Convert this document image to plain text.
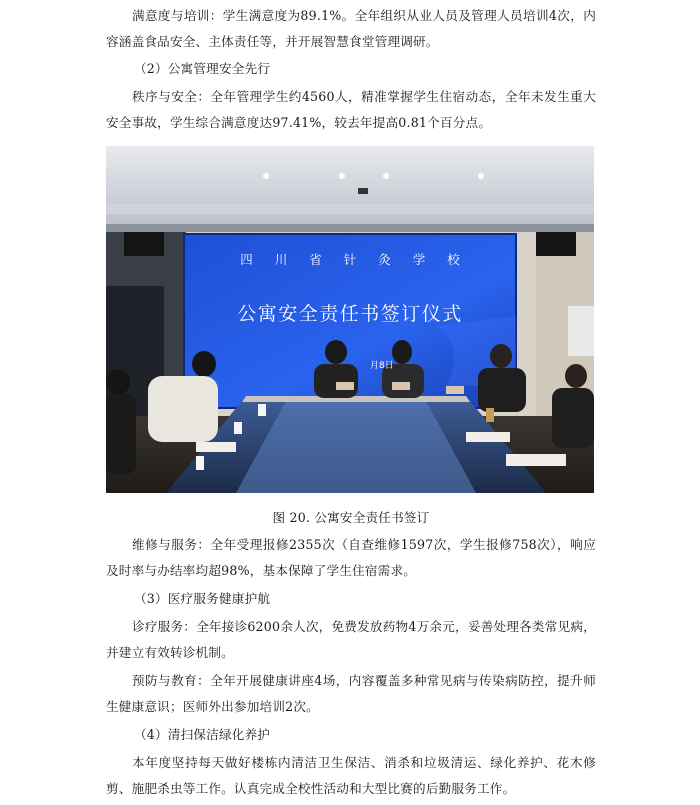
满意度与培训：学生满意度为89.1%。全年组织从业人员及管理人员培训4次，内容涵盖食品安全、主体责任等，并开展智慧食堂管理调研。

（2）公寓管理安全先行

秩序与安全：全年管理学生约4560人，精准掌握学生住宿动态，全年未发生重大安全事故，学生综合满意度达97.41%，较去年提高0.81个百分点。

四川省针灸学校
公寓安全责任书签订仪式
月8日

图 20. 公寓安全责任书签订

维修与服务：全年受理报修2355次（自查维修1597次，学生报修758次），响应及时率与办结率均超98%，基本保障了学生住宿需求。

（3）医疗服务健康护航

诊疗服务：全年接诊6200余人次，免费发放药物4万余元，妥善处理各类常见病，并建立有效转诊机制。

预防与教育：全年开展健康讲座4场，内容覆盖多种常见病与传染病防控，提升师生健康意识；医师外出参加培训2次。

（4）清扫保洁绿化养护

本年度坚持每天做好楼栋内清洁卫生保洁、消杀和垃圾清运、绿化养护、花木修剪、施肥杀虫等工作。认真完成全校性活动和大型比赛的后勤服务工作。
